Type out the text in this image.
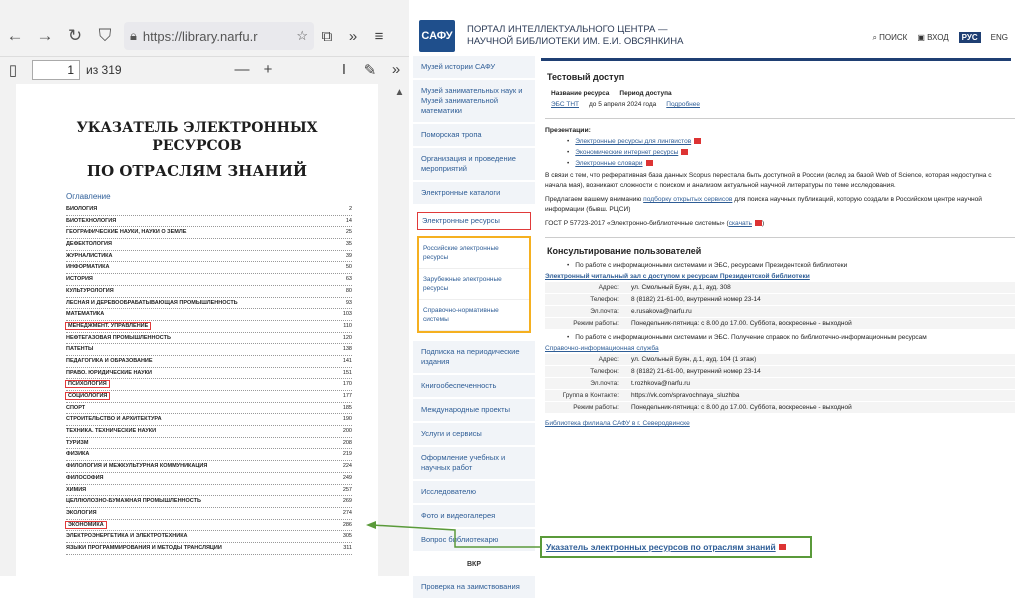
← → ↻ ⛉	🔒︎ https://library.narfu.r	☆ ⧉	»	≡
▯	1	из 319	— +	I	✎	»
УКАЗАТЕЛЬ ЭЛЕКТРОННЫХ
РЕСУРСОВ
ПО ОТРАСЛЯМ ЗНАНИЙ
Оглавление
БИОЛОГИЯ	2
БИОТЕХНОЛОГИЯ	14
ГЕОГРАФИЧЕСКИЕ НАУКИ, НАУКИ О ЗЕМЛЕ	25
ДЕФЕКТОЛОГИЯ	35
ЖУРНАЛИСТИКА	39
ИНФОРМАТИКА	50
ИСТОРИЯ	63
КУЛЬТУРОЛОГИЯ	80
ЛЕСНАЯ И ДЕРЕВООБРАБАТЫВАЮЩАЯ ПРОМЫШЛЕННОСТЬ	93
МАТЕМАТИКА	103
МЕНЕДЖМЕНТ. УПРАВЛЕНИЕ	110
НЕФТЕГАЗОВАЯ ПРОМЫШЛЕННОСТЬ	120
ПАТЕНТЫ	138
ПЕДАГОГИКА И ОБРАЗОВАНИЕ	141
ПРАВО. ЮРИДИЧЕСКИЕ НАУКИ	151
ПСИХОЛОГИЯ	170
СОЦИОЛОГИЯ	177
СПОРТ	185
СТРОИТЕЛЬСТВО И АРХИТЕКТУРА	190
ТЕХНИКА. ТЕХНИЧЕСКИЕ НАУКИ	200
ТУРИЗМ	208
ФИЗИКА	219
ФИЛОЛОГИЯ И МЕЖКУЛЬТУРНАЯ КОММУНИКАЦИЯ	224
ФИЛОСОФИЯ	249
ХИМИЯ	257
ЦЕЛЛЮЛОЗНО-БУМАЖНАЯ ПРОМЫШЛЕННОСТЬ	269
ЭКОЛОГИЯ	274
ЭКОНОМИКА	286
ЭЛЕКТРОЭНЕРГЕТИКА И ЭЛЕКТРОТЕХНИКА	305
ЯЗЫКИ ПРОГРАММИРОВАНИЯ И МЕТОДЫ ТРАНСЛЯЦИИ	311
▲
САФУ
ПОРТАЛ ИНТЕЛЛЕКТУАЛЬНОГО ЦЕНТРА —
НАУЧНОЙ БИБЛИОТЕКИ ИМ. Е.И. ОВСЯНКИНА	⌕ ПОИСК ▣ ВХОД	РУС	ENG
Музей истории САФУ
Музей занимательных наук и Музей занимательной математики
Поморская тропа
Организация и проведение мероприятий
Электронные каталоги
Электронные ресурсы
Российские электронные ресурсы
Зарубежные электронные ресурсы
Справочно-нормативные системы
Подписка на периодические издания
Книгообеспеченность
Международные проекты
Услуги и сервисы
Оформление учебных и научных работ
Исследователю
Фото и видеогалерея
Вопрос библиотекарю
ВКР
Проверка на заимствования
Тестовый доступ
Название ресурса Период доступа
ЭБС ТНТ до 5 апреля 2024 года Подробнее
Презентации:
• Электронные ресурсы для лингвистов
• Экономические интернет ресурсы
• Электронные словари
В связи с тем, что реферативная база данных Scopus перестала быть доступной в России (вслед за базой Web of Science, которая недоступна с начала мая), возникают сложности с поиском и анализом актуальной научной литературы по теме исследования.
Предлагаем вашему вниманию подборку открытых сервисов для поиска научных публикаций, которую создали в Российском центре научной информации (бывш. РЦСИ)
ГОСТ Р 57723-2017 «Электронно-библиотечные системы» (скачать )
Консультирование пользователей
• По работе с информационными системами и ЭБС, ресурсами Президентской библиотеки
Электронный читальный зал с доступом к ресурсам Президентской библиотеки
Адрес:	ул. Смольный Буян, д.1, ауд. 308
Телефон:	8 (8182) 21-61-00, внутренний номер 23-14
Эл.почта:	e.rusakova@narfu.ru
Режим работы:	Понедельник-пятница: с 8.00 до 17.00. Суббота, воскресенье - выходной
• По работе с информационными системами и ЭБС. Получение справок по библиотечно-информационным ресурсам
Справочно-информационная служба
Адрес:	ул. Смольный Буян, д.1, ауд. 104 (1 этаж)
Телефон:	8 (8182) 21-61-00, внутренний номер 23-14
Эл.почта:	t.rozhkova@narfu.ru
Группа в Контакте:	https://vk.com/spravochnaya_sluzhba
Режим работы:	Понедельник-пятница: с 8.00 до 17.00. Суббота, воскресенье - выходной
Библиотека филиала САФУ в г. Северодвинске
Указатель электронных ресурсов по отраслям знаний
